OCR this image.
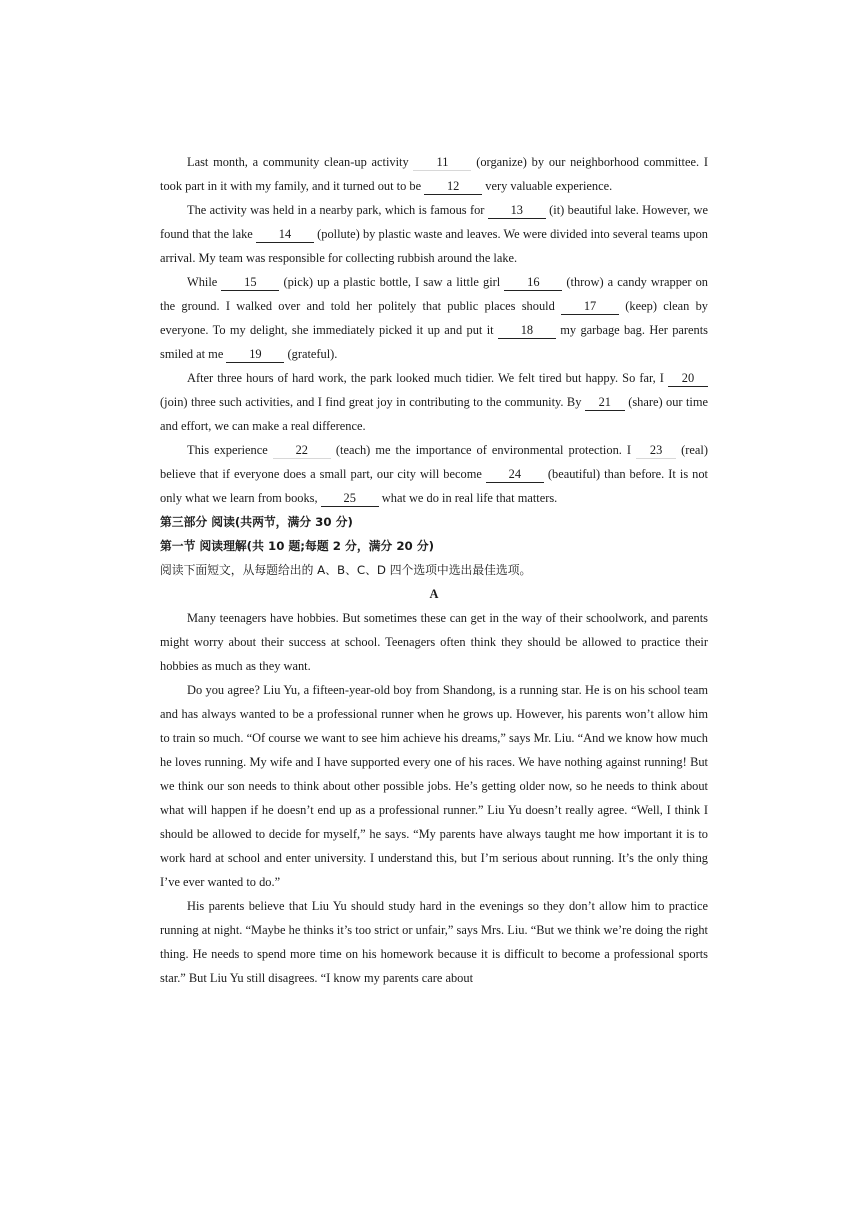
Last month, a community clean-up activity 11 (organize) by our neighborhood committee. I took part in it with my family, and it turned out to be 12 very valuable experience.

The activity was held in a nearby park, which is famous for 13 (it) beautiful lake. However, we found that the lake 14 (pollute) by plastic waste and leaves. We were divided into several teams upon arrival. My team was responsible for collecting rubbish around the lake.

While 15 (pick) up a plastic bottle, I saw a little girl 16 (throw) a candy wrapper on the ground. I walked over and told her politely that public places should 17 (keep) clean by everyone. To my delight, she immediately picked it up and put it 18 my garbage bag. Her parents smiled at me 19 (grateful).

After three hours of hard work, the park looked much tidier. We felt tired but happy. So far, I 20 (join) three such activities, and I find great joy in contributing to the community. By 21 (share) our time and effort, we can make a real difference.

This experience 22 (teach) me the importance of environmental protection. I 23 (real) believe that if everyone does a small part, our city will become 24 (beautiful) than before. It is not only what we learn from books, 25 what we do in real life that matters.

第三部分 阅读(共两节，满分 30 分)

第一节 阅读理解(共 10 题;每题 2 分，满分 20 分)

阅读下面短文，从每题给出的 A、B、C、D 四个选项中选出最佳选项。

A

Many teenagers have hobbies. But sometimes these can get in the way of their schoolwork, and parents might worry about their success at school. Teenagers often think they should be allowed to practice their hobbies as much as they want.

Do you agree? Liu Yu, a fifteen-year-old boy from Shandong, is a running star. He is on his school team and has always wanted to be a professional runner when he grows up. However, his parents won’t allow him to train so much. “Of course we want to see him achieve his dreams,” says Mr. Liu. “And we know how much he loves running. My wife and I have supported every one of his races. We have nothing against running! But we think our son needs to think about other possible jobs. He’s getting older now, so he needs to think about what will happen if he doesn’t end up as a professional runner.” Liu Yu doesn’t really agree. “Well, I think I should be allowed to decide for myself,” he says. “My parents have always taught me how important it is to work hard at school and enter university. I understand this, but I’m serious about running. It’s the only thing I’ve ever wanted to do.”

His parents believe that Liu Yu should study hard in the evenings so they don’t allow him to practice running at night. “Maybe he thinks it’s too strict or unfair,” says Mrs. Liu. “But we think we’re doing the right thing. He needs to spend more time on his homework because it is difficult to become a professional sports star.” But Liu Yu still disagrees. “I know my parents care about
